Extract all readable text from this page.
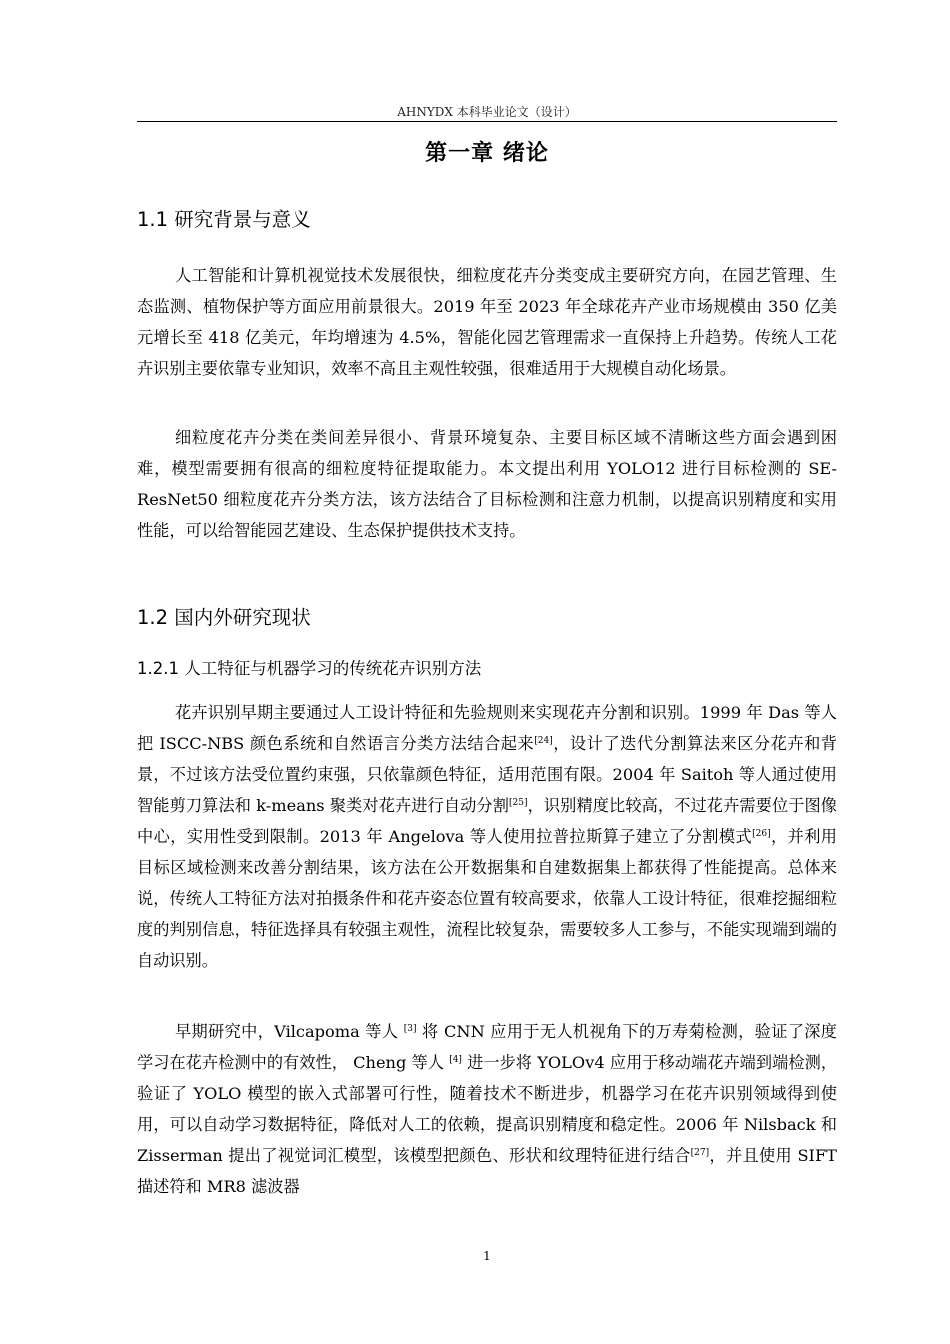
AHNYDX 本科毕业论文（设计）
第一章 绪论
1.1 研究背景与意义

人工智能和计算机视觉技术发展很快，细粒度花卉分类变成主要研究方向，在园艺管理、生态监测、植物保护等方面应用前景很大。2019 年至 2023 年全球花卉产业市场规模由 350 亿美元增长至 418 亿美元，年均增速为 4.5%，智能化园艺管理需求一直保持上升趋势。传统人工花卉识别主要依靠专业知识，效率不高且主观性较强，很难适用于大规模自动化场景。

细粒度花卉分类在类间差异很小、背景环境复杂、主要目标区域不清晰这些方面会遇到困难，模型需要拥有很高的细粒度特征提取能力。本文提出利用 YOLO12 进行目标检测的 SE-ResNet50 细粒度花卉分类方法，该方法结合了目标检测和注意力机制，以提高识别精度和实用性能，可以给智能园艺建设、生态保护提供技术支持。

1.2 国内外研究现状
1.2.1 人工特征与机器学习的传统花卉识别方法

花卉识别早期主要通过人工设计特征和先验规则来实现花卉分割和识别。1999 年 Das 等人把 ISCC-NBS 颜色系统和自然语言分类方法结合起来[24]，设计了迭代分割算法来区分花卉和背景，不过该方法受位置约束强，只依靠颜色特征，适用范围有限。2004 年 Saitoh 等人通过使用智能剪刀算法和 k-means 聚类对花卉进行自动分割[25]，识别精度比较高，不过花卉需要位于图像中心，实用性受到限制。2013 年 Angelova 等人使用拉普拉斯算子建立了分割模式[26]，并利用目标区域检测来改善分割结果，该方法在公开数据集和自建数据集上都获得了性能提高。总体来说，传统人工特征方法对拍摄条件和花卉姿态位置有较高要求，依靠人工设计特征，很难挖掘细粒度的判别信息，特征选择具有较强主观性，流程比较复杂，需要较多人工参与，不能实现端到端的自动识别。

早期研究中，Vilcapoma 等人 [3] 将 CNN 应用于无人机视角下的万寿菊检测，验证了深度学习在花卉检测中的有效性， Cheng 等人 [4] 进一步将 YOLOv4 应用于移动端花卉端到端检测，验证了 YOLO 模型的嵌入式部署可行性，随着技术不断进步，机器学习在花卉识别领域得到使用，可以自动学习数据特征，降低对人工的依赖，提高识别精度和稳定性。2006 年 Nilsback 和 Zisserman 提出了视觉词汇模型，该模型把颜色、形状和纹理特征进行结合[27]，并且使用 SIFT 描述符和 MR8 滤波器

1
